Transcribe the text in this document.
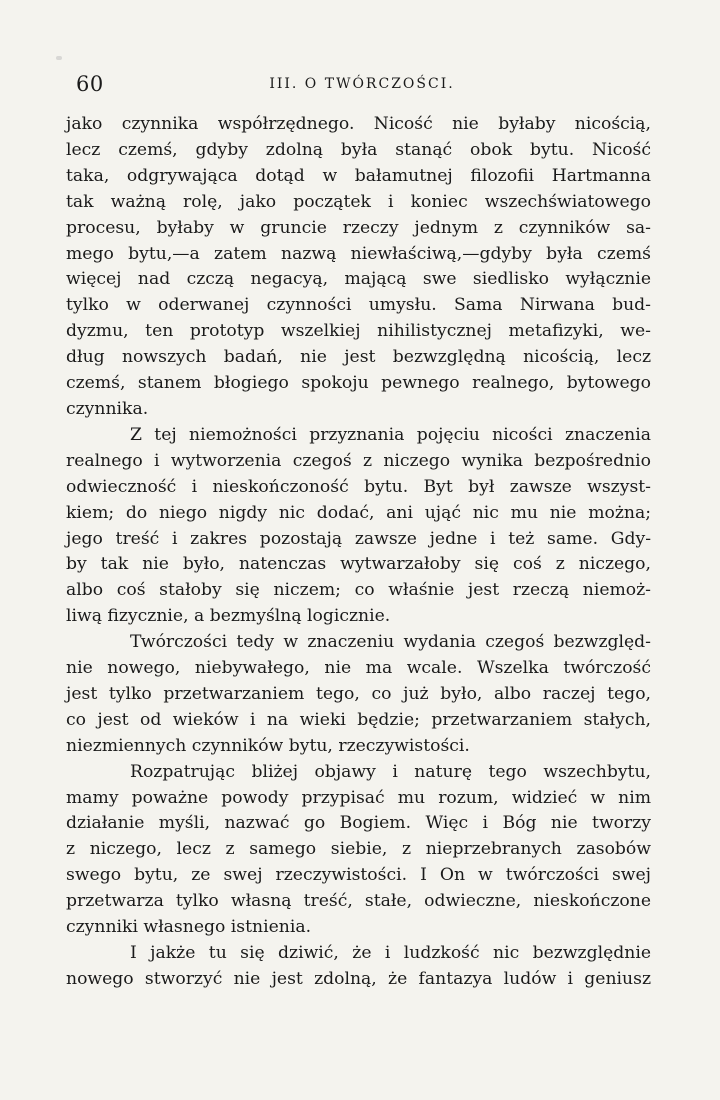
60	III. O TWÓRCZOŚCI.
jako czynnika współrzędnego. Nicość nie byłaby nicością,
lecz czemś, gdyby zdolną była stanąć obok bytu. Nicość
taka, odgrywająca dotąd w bałamutnej filozofii Hartmanna
tak ważną rolę, jako początek i koniec wszechświatowego
procesu, byłaby w gruncie rzeczy jednym z czynników sa-
mego bytu,—a zatem nazwą niewłaściwą,—gdyby była czemś
więcej nad czczą negacyą, mającą swe siedlisko wyłącznie
tylko w oderwanej czynności umysłu. Sama Nirwana bud-
dyzmu, ten prototyp wszelkiej nihilistycznej metafizyki, we-
dług nowszych badań, nie jest bezwzględną nicością, lecz
czemś, stanem błogiego spokoju pewnego realnego, bytowego
czynnika.
Z tej niemożności przyznania pojęciu nicości znaczenia
realnego i wytworzenia czegoś z niczego wynika bezpośrednio
odwieczność i nieskończoność bytu. Byt był zawsze wszyst-
kiem; do niego nigdy nic dodać, ani ująć nic mu nie można;
jego treść i zakres pozostają zawsze jedne i też same. Gdy-
by tak nie było, natenczas wytwarzałoby się coś z niczego,
albo coś stałoby się niczem; co właśnie jest rzeczą niemoż-
liwą fizycznie, a bezmyślną logicznie.
Twórczości tedy w znaczeniu wydania czegoś bezwzględ-
nie nowego, niebywałego, nie ma wcale. Wszelka twórczość
jest tylko przetwarzaniem tego, co już było, albo raczej tego,
co jest od wieków i na wieki będzie; przetwarzaniem stałych,
niezmiennych czynników bytu, rzeczywistości.
Rozpatrując bliżej objawy i naturę tego wszechbytu,
mamy poważne powody przypisać mu rozum, widzieć w nim
działanie myśli, nazwać go Bogiem. Więc i Bóg nie tworzy
z niczego, lecz z samego siebie, z nieprzebranych zasobów
swego bytu, ze swej rzeczywistości. I On w twórczości swej
przetwarza tylko własną treść, stałe, odwieczne, nieskończone
czynniki własnego istnienia.
I jakże tu się dziwić, że i ludzkość nic bezwzględnie
nowego stworzyć nie jest zdolną, że fantazya ludów i geniusz
